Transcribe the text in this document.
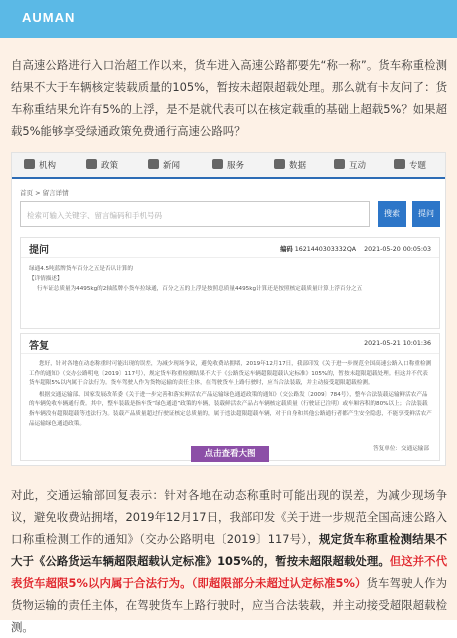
AUMAN

自高速公路进行入口治超工作以来，货车进入高速公路都要先“称一称”。货车称重检测结果不大于车辆核定装载质量的105%，暂按未超限超载处理。那么就有卡友问了：货车称重结果允许有5%的上浮，是不是就代表可以在核定载重的基础上超载5%？如果超载5%能够享受绿通政策免费通行高速公路吗？

机构	政策	新闻	服务	数据	互动	专题
首页 > 留言详情
检索可输入关键字、留言编码和手机号码	搜索	提问
提问	编码 1621440303332QA 2021-05-20 00:05:03
绿通4.5吨蓝牌货车百分之五是否认计算的
【详情描述】
行车证总质量为4495kg的2轴蓝牌小货车拉绿通，百分之五的上浮是按照总质量4495kg计算还是按照核定载质量计算上浮百分之五
答复	2021-05-21 10:01:36
您好，针对各地在动态称重时可能出现的误差，为减少现场争议，避免收费站拥堵，2019年12月17日，我部印发《关于进一步规范全国高速公路入口称重检测工作的通知》（交办公路明电〔2019〕117号），规定货车称重检测结果不大于《公路货运车辆超限超载认定标准》105%的，暂按未超限超载处理。但这并不代表货车超限5%以内属于合法行为。货车驾驶人作为货物运输的责任主体，在驾驶货车上路行驶时，应当合法装载，并主动接受超限超载检测。
根据交通运输部、国家发展改革委《关于进一步完善和落实鲜活农产品运输绿色通道政策的通知》（交公路发〔2009〕784号），整车合法装载运输鲜活农产品的车辆免收车辆通行费。其中，整车装载是指车货“绿色通道”政策的车辆，装载鲜活农产品占车辆核定载质量（行驶证已注明）或车厢容积的80%以上；合法装载指车辆没有超限超载等违法行为。装载产品质量超过行驶证核定总质量的，属于违法超限超载车辆，对于自身和其他公路通行者都产生安全隐患，不能享受鲜活农产品运输绿色通道政策。
答复单位：交通运输部
点击查看大图

对此，交通运输部回复表示：针对各地在动态称重时可能出现的误差，为减少现场争议，避免收费站拥堵，2019年12月17日，我部印发《关于进一步规范全国高速公路入口称重检测工作的通知》（交办公路明电〔2019〕117号），规定货车称重检测结果不大于《公路货运车辆超限超载认定标准》105%的，暂按未超限超载处理。但这并不代表货车超限5%以内属于合法行为。（即超限部分未超过认定标准5%）货车驾驶人作为货物运输的责任主体，在驾驶货车上路行驶时，应当合法装载，并主动接受超限超载检测。
